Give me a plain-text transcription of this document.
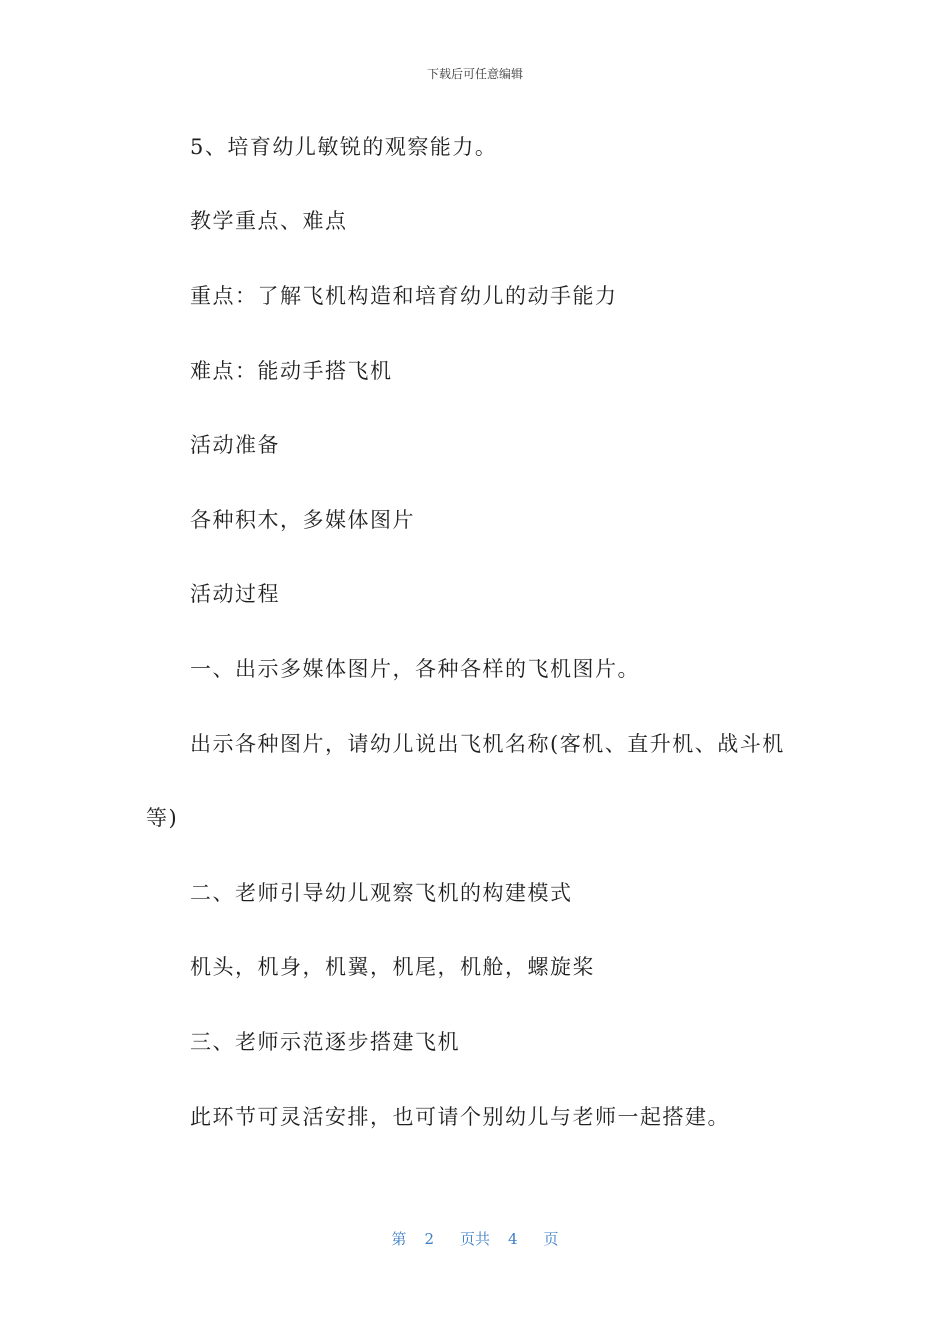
下载后可任意编辑
5、培育幼儿敏锐的观察能力。
教学重点、难点
重点：了解飞机构造和培育幼儿的动手能力
难点：能动手搭飞机
活动准备
各种积木，多媒体图片
活动过程
一、出示多媒体图片，各种各样的飞机图片。
出示各种图片，请幼儿说出飞机名称(客机、直升机、战斗机
等)
二、老师引导幼儿观察飞机的构建模式
机头，机身，机翼，机尾，机舱，螺旋桨
三、老师示范逐步搭建飞机
此环节可灵活安排，也可请个别幼儿与老师一起搭建。
第 2 页共 4 页
